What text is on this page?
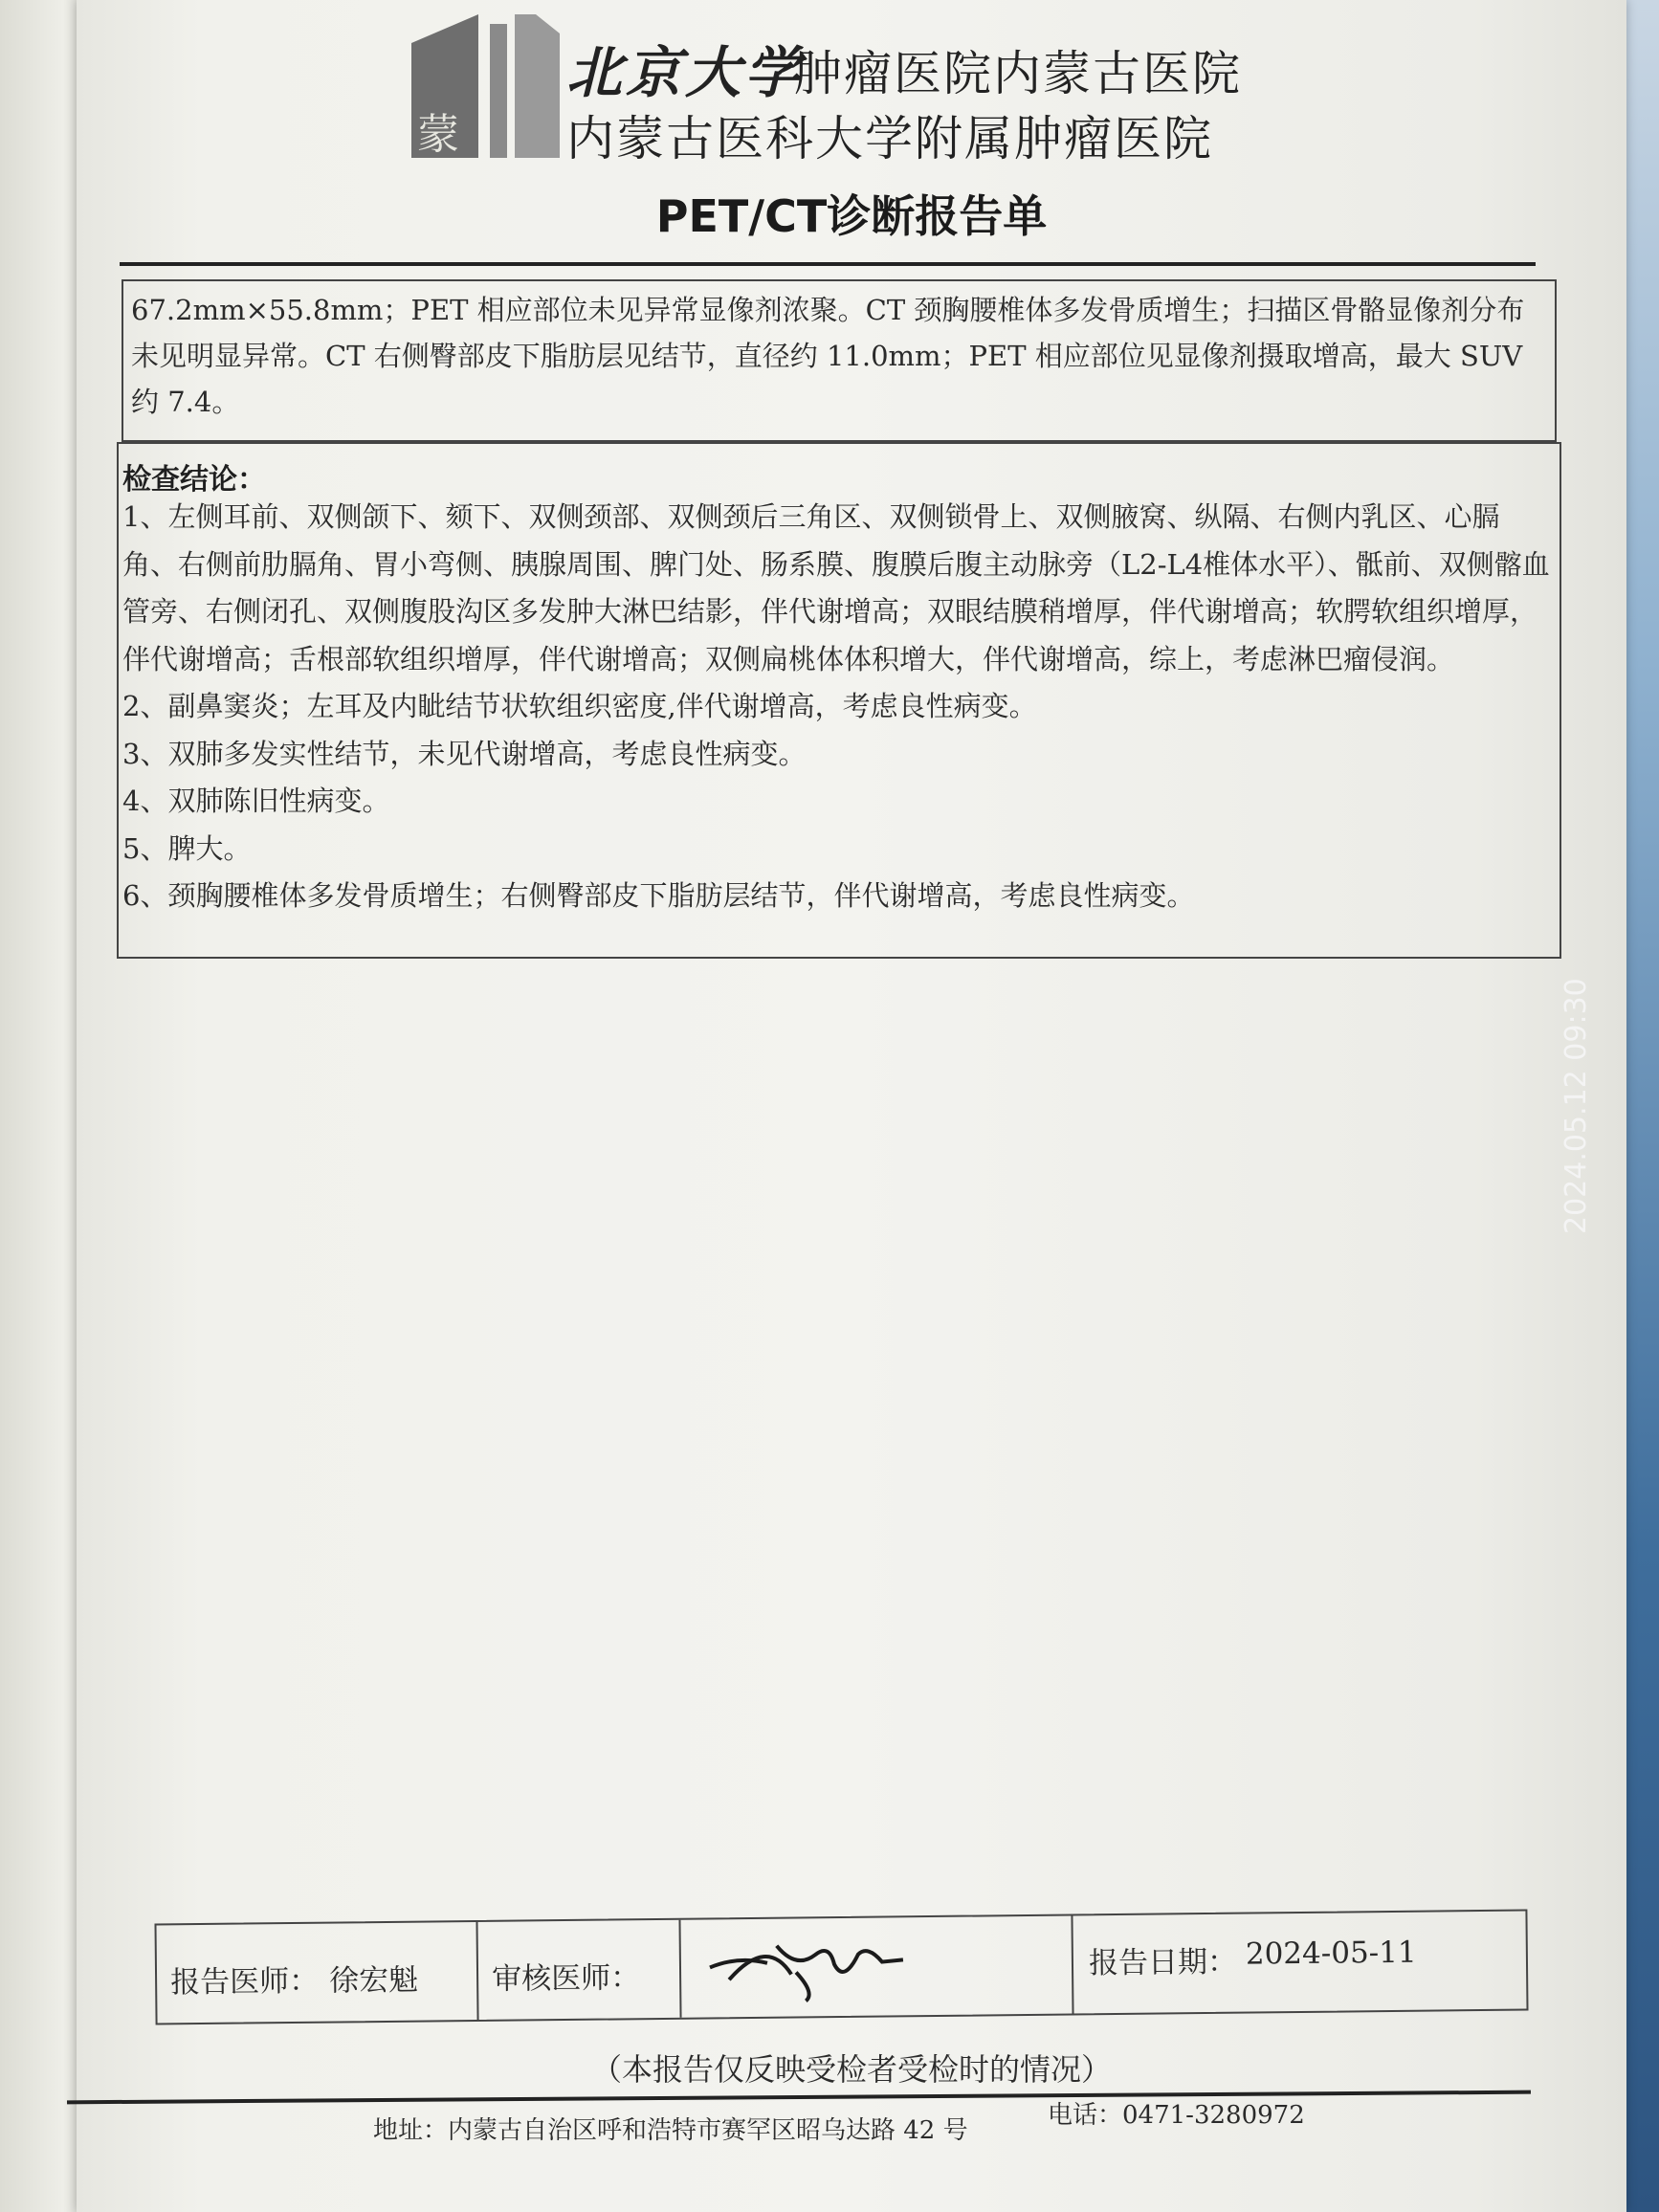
蒙
北京大学
肿瘤医院内蒙古医院
内蒙古医科大学附属肿瘤医院
PET/CT诊断报告单
67.2mm×55.8mm；PET 相应部位未见异常显像剂浓聚。CT 颈胸腰椎体多发骨质增生；扫描区骨骼显像剂分布未见明显异常。CT 右侧臀部皮下脂肪层见结节，直径约 11.0mm；PET 相应部位见显像剂摄取增高，最大 SUV 约 7.4。
检查结论：

1、左侧耳前、双侧颌下、颏下、双侧颈部、双侧颈后三角区、双侧锁骨上、双侧腋窝、纵隔、右侧内乳区、心膈角、右侧前肋膈角、胃小弯侧、胰腺周围、脾门处、肠系膜、腹膜后腹主动脉旁（L2-L4椎体水平）、骶前、双侧髂血管旁、右侧闭孔、双侧腹股沟区多发肿大淋巴结影，伴代谢增高；双眼结膜稍增厚，伴代谢增高；软腭软组织增厚，伴代谢增高；舌根部软组织增厚，伴代谢增高；双侧扁桃体体积增大，伴代谢增高，综上，考虑淋巴瘤侵润。

2、副鼻窦炎；左耳及内眦结节状软组织密度,伴代谢增高，考虑良性病变。

3、双肺多发实性结节，未见代谢增高，考虑良性病变。

4、双肺陈旧性病变。

5、脾大。

6、颈胸腰椎体多发骨质增生；右侧臀部皮下脂肪层结节，伴代谢增高，考虑良性病变。

报告医师： 徐宏魁 审核医师：	报告日期： 2024-05-11
（本报告仅反映受检者受检时的情况）
地址：内蒙古自治区呼和浩特市赛罕区昭乌达路 42 号
电话：0471-3280972
2024.05.12 09:30
